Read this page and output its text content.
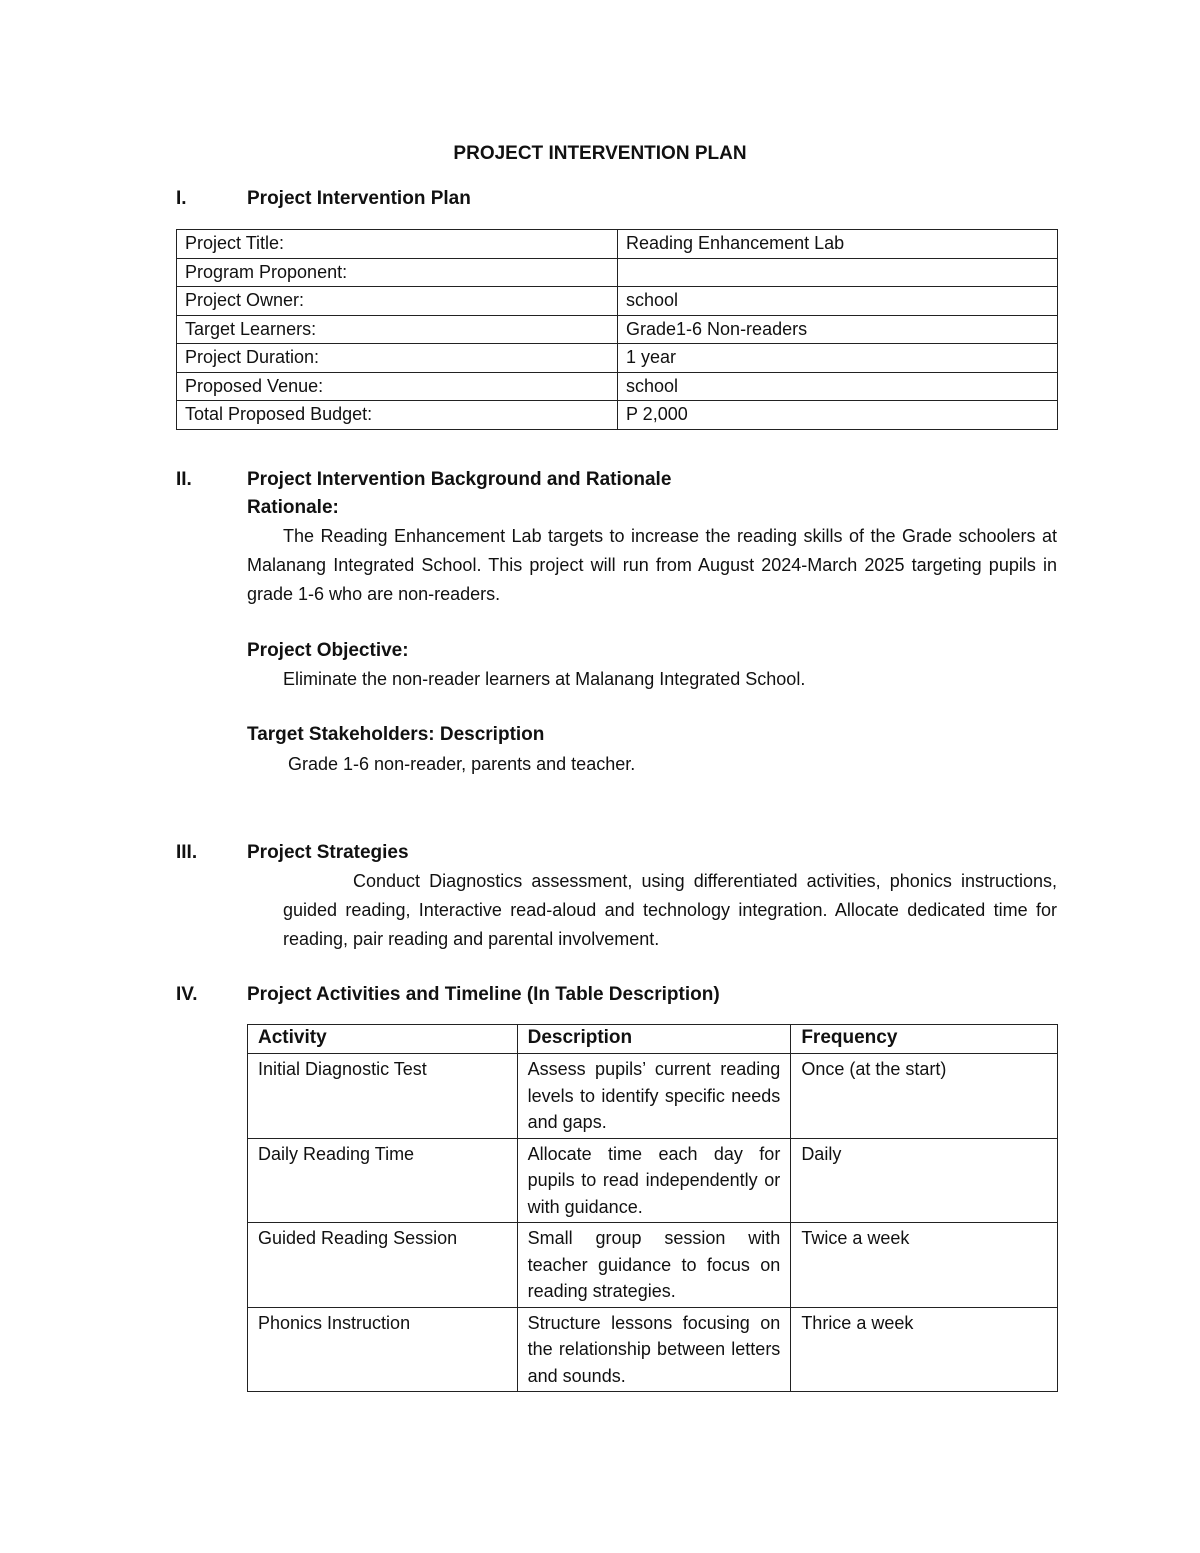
PROJECT INTERVENTION PLAN
I.	Project Intervention Plan
Project Title:	Reading Enhancement Lab
Program Proponent:	
Project Owner:	school
Target Learners:	Grade1-6 Non-readers
Project Duration:	1 year
Proposed Venue:	school
Total Proposed Budget:	P 2,000
II.	Project Intervention Background and Rationale
Rationale:
The Reading Enhancement Lab targets to increase the reading skills of the Grade schoolers at Malanang Integrated School. This project will run from August 2024-March 2025 targeting pupils in grade 1-6 who are non-readers.
Project Objective:
Eliminate the non-reader learners at Malanang Integrated School.
Target Stakeholders: Description
Grade 1-6 non-reader, parents and teacher.
III.	Project Strategies
Conduct Diagnostics assessment, using differentiated activities, phonics instructions, guided reading, Interactive read-aloud and technology integration. Allocate dedicated time for reading, pair reading and parental involvement.
IV.	Project Activities and Timeline (In Table Description)
Activity	Description	Frequency
Initial Diagnostic Test	Assess pupils’ current reading levels to identify specific needs and gaps.	Once (at the start)
Daily Reading Time	Allocate time each day for pupils to read independently or with guidance.	Daily
Guided Reading Session	Small group session with teacher guidance to focus on reading strategies.	Twice a week
Phonics Instruction	Structure lessons focusing on the relationship between letters and sounds.	Thrice a week
